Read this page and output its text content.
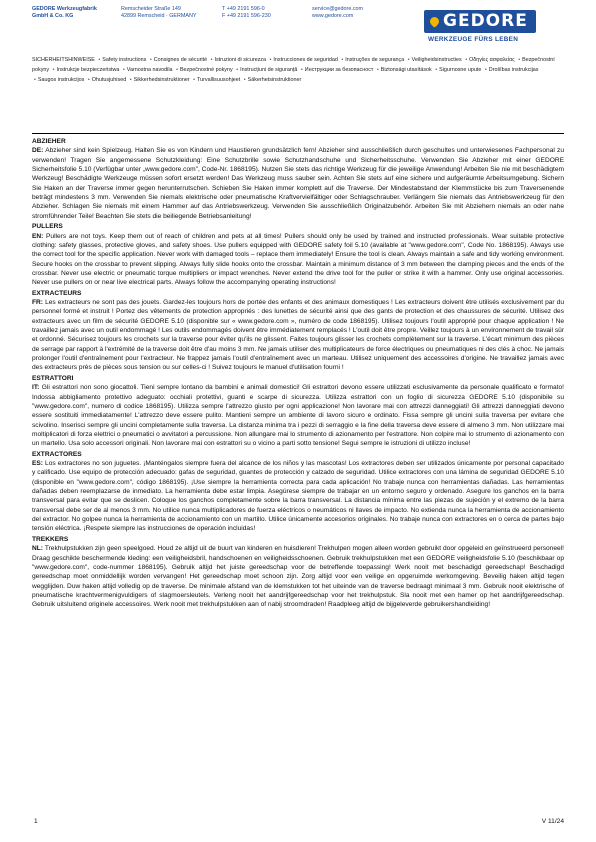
GEDORE Werkzeugfabrik
GmbH & Co. KG
Remscheider Straße 149
42899 Remscheid · GERMANY
T +49 2191 596-0
F +49 2191 596-230
service@gedore.com
www.gedore.com	GEDORE
WERKZEUGE FÜRS LEBEN
SICHERHEITSHINWEISE • Safety instructions • Consignes de sécurité • Istruzioni di sicurezza • Instrucciones de seguridad • Instruções de segurança • Veiligheidsinstructies • Οδηγίες ασφαλείας • Bezpečnostní pokyny • Instrukcje bezpieczeństwa • Varnostna navodila • Bezpečnostné pokyny • Instrucțiuni de siguranță • Инструкции за безопасност • Biztonsági utasítások • Sigurnosne upute • Drošības instrukcijas • Saugos instrukcijos • Ohutusjuhised • Sikkerhedsinstruktioner • Turvallisuusohjeet • Säkerhetsinstruktioner
ABZIEHER
DE: Abzieher sind kein Spielzeug. Halten Sie es von Kindern und Haustieren grundsätzlich fern! Abzieher sind ausschließlich durch geschultes und unterwiesenes Fachpersonal zu verwenden! Tragen Sie angemessene Schutzkleidung: Eine Schutzbrille sowie Schutzhandschuhe und Sicherheitsschuhe. Verwenden Sie Abzieher mit einer GEDORE Sicherheitsfolie 5.10 (Verfügbar unter „www.gedore.com", Code-Nr. 1868195). Nutzen Sie stets das richtige Werkzeug für die jeweilige Anwendung! Arbeiten Sie nie mit beschädigtem Werkzeug! Beschädigte Werkzeuge müssen sofort ersetzt werden! Das Werkzeug muss sauber sein. Achten Sie stets auf eine sichere und aufgeräumte Arbeitsumgebung. Sichern Sie Haken an der Traverse immer gegen herunterrutschen. Schieben Sie Haken immer komplett auf die Traverse. Der Mindestabstand der Klemmstücke bis zum Traversenende beträgt mindestens 3 mm. Verwenden Sie niemals elektrische oder pneumatische Kraftvervielfältiger oder Schlagschrauber. Verlängern Sie niemals das Antriebswerkzeug für den Abzieher. Schlagen Sie niemals mit einem Hammer auf das Antriebswerkzeug. Verwenden Sie ausschließlich Originalzubehör. Arbeiten Sie mit Abziehern niemals an oder nahe stromführender Teile! Beachten Sie stets die beiliegende Betriebsanleitung!
PULLERS
EN: Pullers are not toys. Keep them out of reach of children and pets at all times! Pullers should only be used by trained and instructed professionals. Wear suitable protective clothing: safety glasses, protective gloves, and safety shoes. Use pullers equipped with GEDORE safety foil 5.10 (available at "www.gedore.com", Code No. 1868195). Always use the correct tool for the specific application. Never work with damaged tools – replace them immediately! Ensure the tool is clean. Always maintain a safe and tidy working environment. Secure hooks on the crossbar to prevent slipping. Always fully slide hooks onto the crossbar. Maintain a minimum distance of 3 mm between the clamping pieces and the ends of the crossbar. Never use electric or pneumatic torque multipliers or impact wrenches. Never extend the drive tool for the puller or strike it with a hammer. Only use original accessories. Never use pullers on or near live electrical parts. Always follow the accompanying operating instructions!
EXTRACTEURS
FR: Les extracteurs ne sont pas des jouets. Gardez-les toujours hors de portée des enfants et des animaux domestiques ! Les extracteurs doivent être utilisés exclusivement par du personnel formé et instruit ! Portez des vêtements de protection appropriés : des lunettes de sécurité ainsi que des gants de protection et des chaussures de sécurité. Utilisez des extracteurs avec un film de sécurité GEDORE 5.10 (disponible sur « www.gedore.com », numéro de code 1868195). Utilisez toujours l'outil approprié pour chaque application ! Ne travaillez jamais avec un outil endommagé ! Les outils endommagés doivent être immédiatement remplacés ! L'outil doit être propre. Veillez toujours à un environnement de travail sûr et ordonné. Sécurisez toujours les crochets sur la traverse pour éviter qu'ils ne glissent. Faites toujours glisser les crochets complètement sur la traverse. L'écart minimum des pièces de serrage par rapport à l'extrémité de la traverse doit être d'au moins 3 mm. Ne jamais utiliser des multiplicateurs de force électriques ou pneumatiques ni des clés à choc. Ne jamais prolonger l'outil d'entraînement pour l'extracteur. Ne frappez jamais l'outil d'entraînement avec un marteau. Utilisez uniquement des accessoires d'origine. Ne travaillez jamais avec des extracteurs près de pièces sous tension ou sur celles-ci ! Suivez toujours le manuel d'utilisation fourni !
ESTRATTORI
IT: Gli estrattori non sono giocattoli. Tieni sempre lontano da bambini e animali domestici! Gli estrattori devono essere utilizzati esclusivamente da personale qualificato e formato! Indossa abbigliamento protettivo adeguato: occhiali protettivi, guanti e scarpe di sicurezza. Utilizza estrattori con un foglio di sicurezza GEDORE 5.10 (disponibile su "www.gedore.com", numero di codice 1868195). Utilizza sempre l'attrezzo giusto per ogni applicazione! Non lavorare mai con attrezzi danneggiati! Gli attrezzi danneggiati devono essere sostituiti immediatamente! L'attrezzo deve essere pulito. Mantieni sempre un ambiente di lavoro sicuro e ordinato. Fissa sempre gli uncini sulla traversa per evitare che scivolino. Inserisci sempre gli uncini completamente sulla traversa. La distanza minima tra i pezzi di serraggio e la fine della traversa deve essere di almeno 3 mm. Non utilizzare mai moltiplicatori di forza elettrici o pneumatici o avvitatori a percussione. Non allungare mai lo strumento di azionamento per l'estrattore. Non colpire mai lo strumento di azionamento con un martello. Usa solo accessori originali. Non lavorare mai con estrattori su o vicino a parti sotto tensione! Segui sempre le istruzioni di utilizzo incluse!
EXTRACTORES
ES: Los extractores no son juguetes. ¡Manténgalos siempre fuera del alcance de los niños y las mascotas! Los extractores deben ser utilizados únicamente por personal capacitado y calificado. Use equipo de protección adecuado: gafas de seguridad, guantes de protección y calzado de seguridad. Utilice extractores con una lámina de seguridad GEDORE 5.10 (disponible en "www.gedore.com", código 1868195). ¡Use siempre la herramienta correcta para cada aplicación! No trabaje nunca con herramientas dañadas. Las herramientas dañadas deben reemplazarse de inmediato. La herramienta debe estar limpia. Asegúrese siempre de trabajar en un entorno seguro y ordenado. Asegure los ganchos en la barra transversal para evitar que se deslicen. Coloque los ganchos completamente sobre la barra transversal. La distancia mínima entre las piezas de sujeción y el extremo de la barra transversal debe ser de al menos 3 mm. No utilice nunca multiplicadores de fuerza eléctricos o neumáticos ni llaves de impacto. No extienda nunca la herramienta de accionamiento del extractor. No golpee nunca la herramienta de accionamiento con un martillo. Utilice únicamente accesorios originales. No trabaje nunca con extractores en o cerca de partes bajo tensión eléctrica. ¡Respete siempre las instrucciones de operación incluidas!
TREKKERS
NL: Trekhulpstukken zijn geen speelgoed. Houd ze altijd uit de buurt van kinderen en huisdieren! Trekhulpen mogen alleen worden gebruikt door opgeleid en geïnstrueerd personeel! Draag geschikte beschermende kleding: een veiligheidsbril, handschoenen en veiligheidsschoenen. Gebruik trekhulpstukken met een GEDORE veiligheidsfolie 5.10 (beschikbaar op "www.gedore.com", code-nummer 1868195). Gebruik altijd het juiste gereedschap voor de betreffende toepassing! Werk nooit met beschadigd gereedschap! Beschadigd gereedschap moet onmiddellijk worden vervangen! Het gereedschap moet schoon zijn. Zorg altijd voor een veilige en opgeruimde werkomgeving. Beveilig haken altijd tegen wegglijden. Duw haken altijd volledig op de traverse. De minimale afstand van de klemstukken tot het uiteinde van de traverse bedraagt minimaal 3 mm. Gebruik nooit elektrische of pneumatische krachtvermenigvuldigers of slagmoersleutels. Verleng nooit het aandrijfgereedschap voor het trekhulpstuk. Sla nooit met een hamer op het aandrijfgereedschap. Gebruik uitsluitend originele accessoires. Werk nooit met trekhulpstukken aan of nabij stroomdraden! Raadpleeg altijd de bijgeleverde gebruikershandleiding!
1	V 11/24
